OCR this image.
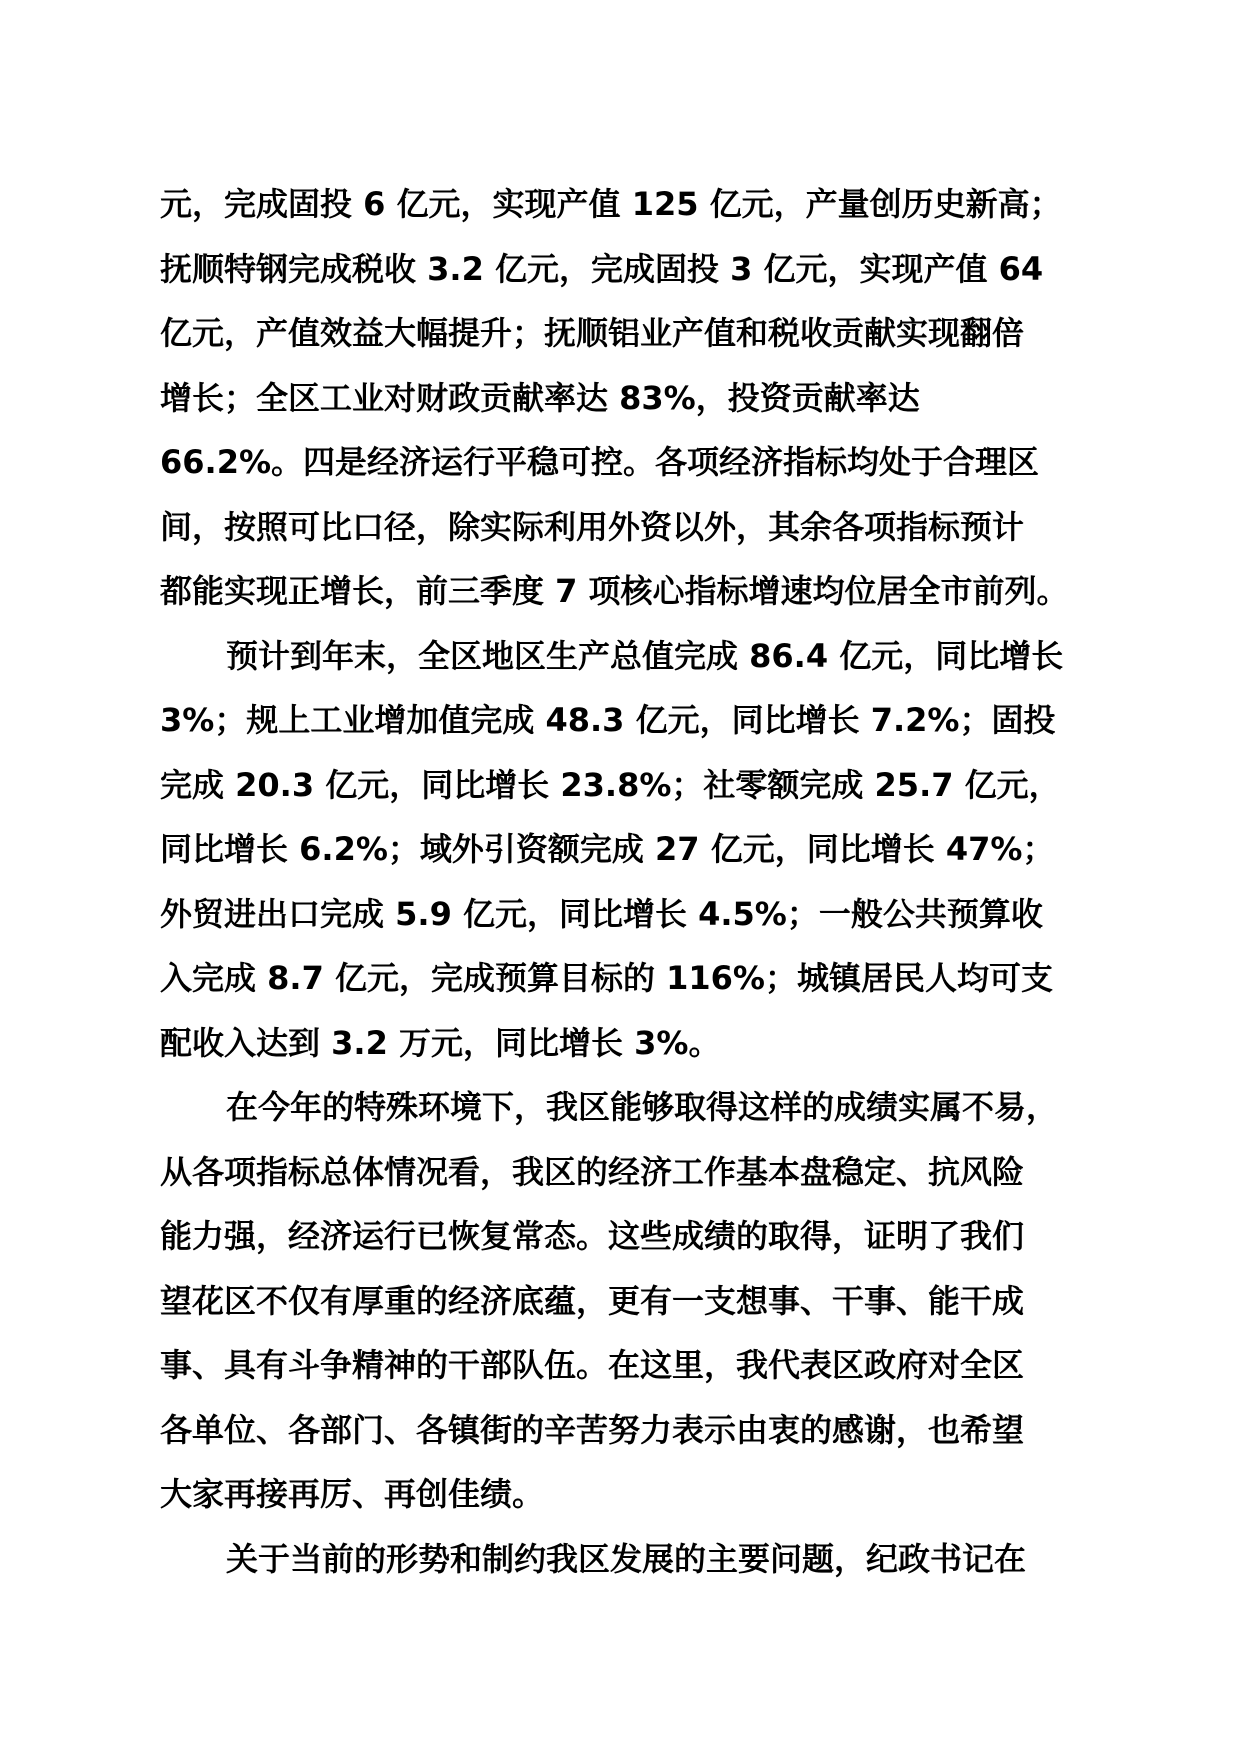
元，完成固投 6 亿元，实现产值 125 亿元，产量创历史新高；
抚顺特钢完成税收 3.2 亿元，完成固投 3 亿元，实现产值 64
亿元，产值效益大幅提升；抚顺铝业产值和税收贡献实现翻倍
增长；全区工业对财政贡献率达 83%，投资贡献率达
66.2%。四是经济运行平稳可控。各项经济指标均处于合理区
间，按照可比口径，除实际利用外资以外，其余各项指标预计
都能实现正增长，前三季度 7 项核心指标增速均位居全市前列。

预计到年末，全区地区生产总值完成 86.4 亿元，同比增长
3%；规上工业增加值完成 48.3 亿元，同比增长 7.2%；固投
完成 20.3 亿元，同比增长 23.8%；社零额完成 25.7 亿元，
同比增长 6.2%；域外引资额完成 27 亿元，同比增长 47%；
外贸进出口完成 5.9 亿元，同比增长 4.5%；一般公共预算收
入完成 8.7 亿元，完成预算目标的 116%；城镇居民人均可支
配收入达到 3.2 万元，同比增长 3%。

在今年的特殊环境下，我区能够取得这样的成绩实属不易，
从各项指标总体情况看，我区的经济工作基本盘稳定、抗风险
能力强，经济运行已恢复常态。这些成绩的取得，证明了我们
望花区不仅有厚重的经济底蕴，更有一支想事、干事、能干成
事、具有斗争精神的干部队伍。在这里，我代表区政府对全区
各单位、各部门、各镇街的辛苦努力表示由衷的感谢，也希望
大家再接再厉、再创佳绩。

关于当前的形势和制约我区发展的主要问题，纪政书记在
